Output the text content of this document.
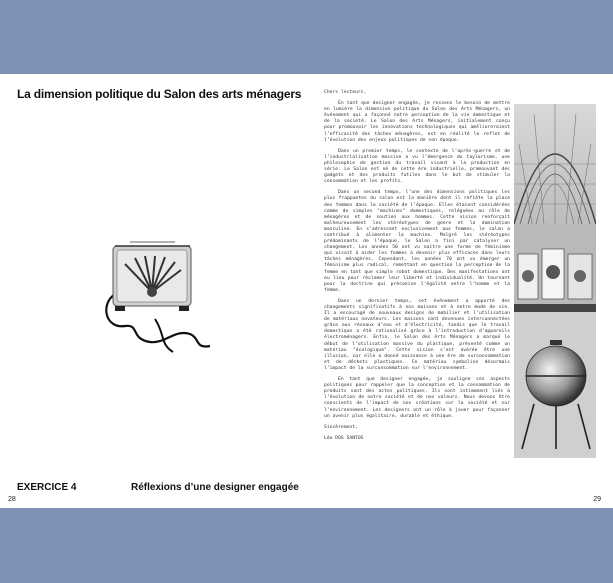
La dimension politique du Salon des arts ménagers
EXERCICE 4	Réflexions d’une designer engagée
28

Chers lecteurs,

En tant que designer engagée, je ressens le besoin de mettre en lumière la dimension politique du Salon des Arts Ménagers, un événement qui a façonné notre perception de la vie domestique et de la société. Le Salon des Arts Ménagers, initialement conçu pour promouvoir les innovations technologiques qui amélioreraient l’efficacité des tâches ménagères, est en réalité le reflet de l’évolution des enjeux politiques de son époque.

Dans un premier temps, le contexte de l’après-guerre et de l’industrialisation massive a vu l’émergence du taylorisme, une philosophie de gestion du travail visant à la production en série. Le Salon est né de cette ère industrielle, promouvant des gadgets et des produits futiles dans le but de stimuler la consommation et les profits.

Dans un second temps, l’une des dimensions politiques les plus frappantes du salon est la manière dont il reflète la place des femmes dans la société de l’époque. Elles étaient considérées comme de simples "machines" domestiques, reléguées au rôle de ménagères et de soutien aux hommes. Cette vision renforçait malheureusement les stéréotypes de genre et la domination masculine. En s’adressant exclusivement aux femmes, le salon a contribué à alimenter la machine. Malgré les stéréotypes prédominants de l’époque, le Salon a fini par catalyser un changement. Les années 50 ont vu naître une forme de féminisme qui visait à aider les femmes à devenir plus efficaces dans leurs tâches ménagères. Cependant, les années 70 ont vu émerger un féminisme plus radical, remettant en question la perception de la femme en tant que simple robot domestique. Des manifestations ont eu lieu pour réclamer leur liberté et individualité. Un tournant pour la doctrine qui préconise l’égalité entre l’homme et la femme.

Dans un dernier temps, cet événement a apporté des changements significatifs à nos maisons et à notre mode de vie. Il a encouragé de nouveaux designs de mobilier et l’utilisation de matériaux novateurs. Les maisons sont devenues interconnectées grâce aux réseaux d’eau et d’électricité, tandis que le travail domestique a été rationalisé grâce à l’introduction d’appareils électroménagers. Enfin, le Salon des Arts Ménagers a marqué le début de l’utilisation massive du plastique, présenté comme un matériau "écologique". Cette vision s’est avérée être une illusion, car elle a donné naissance à une ère de surconsommation et de déchets plastiques. Ce matériau symbolise désormais l’impact de la surconsommation sur l’environnement.

En tant que designer engagée, je souligne ces aspects politiques pour rappeler que la conception et la consommation de produits sont des actes politiques. Ils sont intimement liés à l’évolution de notre société et de nos valeurs. Nous devons être conscients de l’impact de nos créations sur la société et sur l’environnement. Les designers ont un rôle à jouer pour façonner un avenir plus égalitaire, durable et éthique.

Sincèrement,

Léo DOS SANTOS

29
